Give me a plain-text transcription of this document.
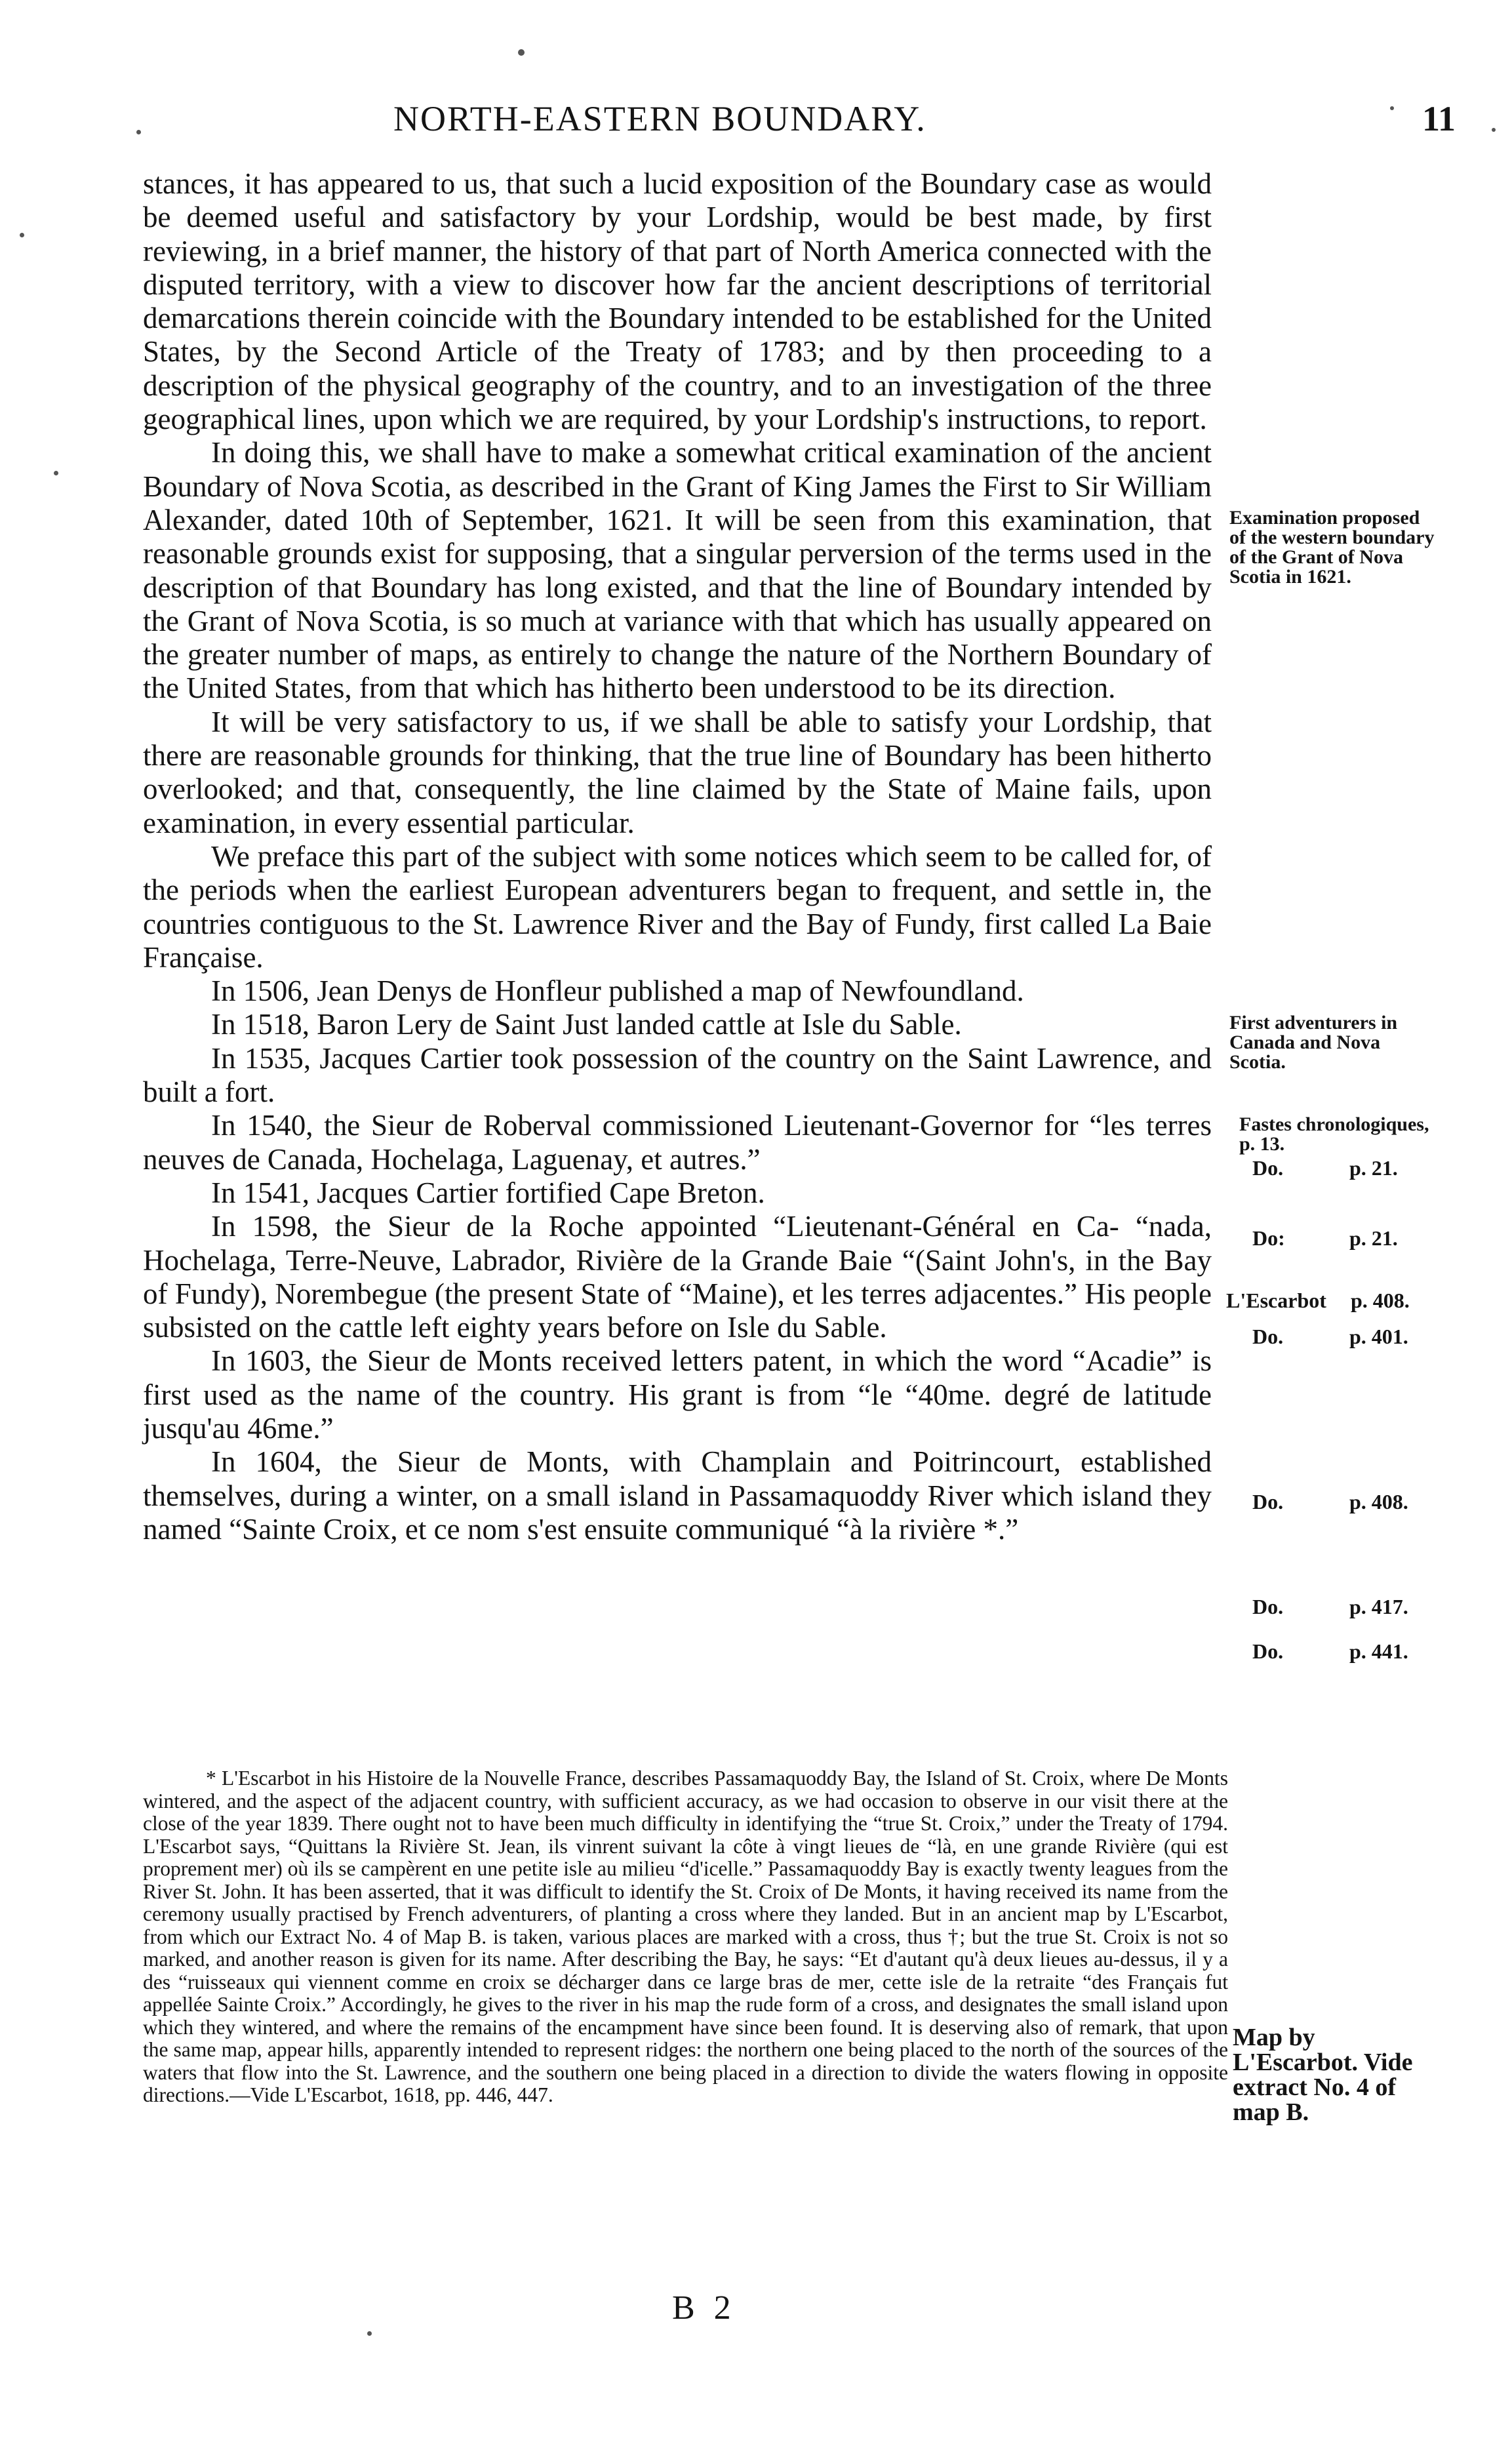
NORTH-EASTERN BOUNDARY.	11

stances, it has appeared to us, that such a lucid exposition of the Boundary case as would be deemed useful and satisfactory by your Lordship, would be best made, by first reviewing, in a brief manner, the history of that part of North America connected with the disputed territory, with a view to discover how far the ancient descriptions of territorial demarcations therein coincide with the Boundary intended to be established for the United States, by the Second Article of the Treaty of 1783; and by then proceeding to a description of the physical geography of the country, and to an investigation of the three geographical lines, upon which we are required, by your Lordship's instructions, to report.

In doing this, we shall have to make a somewhat critical examination of the ancient Boundary of Nova Scotia, as described in the Grant of King James the First to Sir William Alexander, dated 10th of September, 1621. It will be seen from this examination, that reasonable grounds exist for supposing, that a singular perversion of the terms used in the description of that Boundary has long existed, and that the line of Boundary intended by the Grant of Nova Scotia, is so much at variance with that which has usually appeared on the greater number of maps, as entirely to change the nature of the Northern Boundary of the United States, from that which has hitherto been understood to be its direction.

It will be very satisfactory to us, if we shall be able to satisfy your Lordship, that there are reasonable grounds for thinking, that the true line of Boundary has been hitherto overlooked; and that, consequently, the line claimed by the State of Maine fails, upon examination, in every essential particular.

We preface this part of the subject with some notices which seem to be called for, of the periods when the earliest European adventurers began to frequent, and settle in, the countries contiguous to the St. Lawrence River and the Bay of Fundy, first called La Baie Française.

In 1506, Jean Denys de Honfleur published a map of Newfoundland.

In 1518, Baron Lery de Saint Just landed cattle at Isle du Sable.

In 1535, Jacques Cartier took possession of the country on the Saint Lawrence, and built a fort.

In 1540, the Sieur de Roberval commissioned Lieutenant-Governor for “les terres neuves de Canada, Hochelaga, Laguenay, et autres.”

In 1541, Jacques Cartier fortified Cape Breton.

In 1598, the Sieur de la Roche appointed “Lieutenant-Général en Ca- “nada, Hochelaga, Terre-Neuve, Labrador, Rivière de la Grande Baie “(Saint John's, in the Bay of Fundy), Norembegue (the present State of “Maine), et les terres adjacentes.” His people subsisted on the cattle left eighty years before on Isle du Sable.

In 1603, the Sieur de Monts received letters patent, in which the word “Acadie” is first used as the name of the country. His grant is from “le “40me. degré de latitude jusqu'au 46me.”

In 1604, the Sieur de Monts, with Champlain and Poitrincourt, established themselves, during a winter, on a small island in Passamaquoddy River which island they named “Sainte Croix, et ce nom s'est ensuite communiqué “à la rivière *.”

Examination proposed of the western boundary of the Grant of Nova Scotia in 1621.
First adventurers in Canada and Nova Scotia.
Fastes chronologiques, p. 13.
Do.	p. 21.
Do:	p. 21.
L'Escarbot p. 408.
Do.	p. 401.
Do.	p. 408.
Do.	p. 417.
Do.	p. 441.

* L'Escarbot in his Histoire de la Nouvelle France, describes Passamaquoddy Bay, the Island of St. Croix, where De Monts wintered, and the aspect of the adjacent country, with sufficient accuracy, as we had occasion to observe in our visit there at the close of the year 1839. There ought not to have been much difficulty in identifying the “true St. Croix,” under the Treaty of 1794. L'Escarbot says, “Quittans la Rivière St. Jean, ils vinrent suivant la côte à vingt lieues de “là, en une grande Rivière (qui est proprement mer) où ils se campèrent en une petite isle au milieu “d'icelle.” Passamaquoddy Bay is exactly twenty leagues from the River St. John. It has been asserted, that it was difficult to identify the St. Croix of De Monts, it having received its name from the ceremony usually practised by French adventurers, of planting a cross where they landed. But in an ancient map by L'Escarbot, from which our Extract No. 4 of Map B. is taken, various places are marked with a cross, thus †; but the true St. Croix is not so marked, and another reason is given for its name. After describing the Bay, he says: “Et d'autant qu'à deux lieues au-dessus, il y a des “ruisseaux qui viennent comme en croix se décharger dans ce large bras de mer, cette isle de la retraite “des Français fut appellée Sainte Croix.” Accordingly, he gives to the river in his map the rude form of a cross, and designates the small island upon which they wintered, and where the remains of the encampment have since been found. It is deserving also of remark, that upon the same map, appear hills, apparently intended to represent ridges: the northern one being placed to the north of the sources of the waters that flow into the St. Lawrence, and the southern one being placed in a direction to divide the waters flowing in opposite directions.—Vide L'Escarbot, 1618, pp. 446, 447.

Map by L'Escarbot. Vide extract No. 4 of map B.
B 2
